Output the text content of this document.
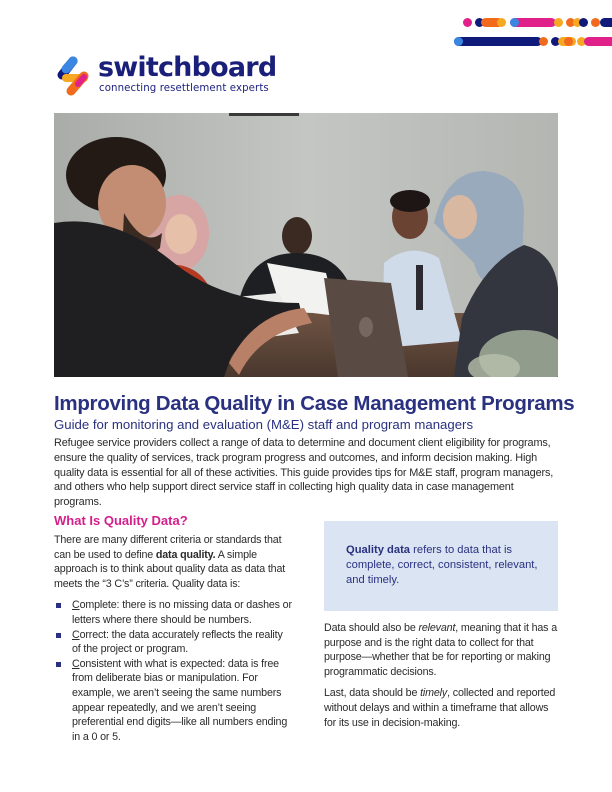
switchboard
connecting resettlement experts
Improving Data Quality in Case Management Programs
Guide for monitoring and evaluation (M&E) staff and program managers
Refugee service providers collect a range of data to determine and document client eligibility for programs, ensure the quality of services, track program progress and outcomes, and inform decision making. High quality data is essential for all of these activities. This guide provides tips for M&E staff, program managers, and others who help support direct service staff in collecting high quality data in case management programs.
What Is Quality Data?

There are many different criteria or standards that can be used to define data quality. A simple approach is to think about quality data as data that meets the “3 C’s” criteria. Quality data is:

Complete: there is no missing data or dashes or letters where there should be numbers.
Correct: the data accurately reflects the reality of the project or program.
Consistent with what is expected: data is free from deliberate bias or manipulation. For example, we aren’t seeing the same numbers appear repeatedly, and we aren’t seeing preferential end digits—like all numbers ending in a 0 or 5.
Quality data refers to data that is complete, correct, consistent, relevant, and timely.

Data should also be relevant, meaning that it has a purpose and is the right data to collect for that purpose—whether that be for reporting or making programmatic decisions.

Last, data should be timely, collected and reported without delays and within a timeframe that allows for its use in decision-making.
